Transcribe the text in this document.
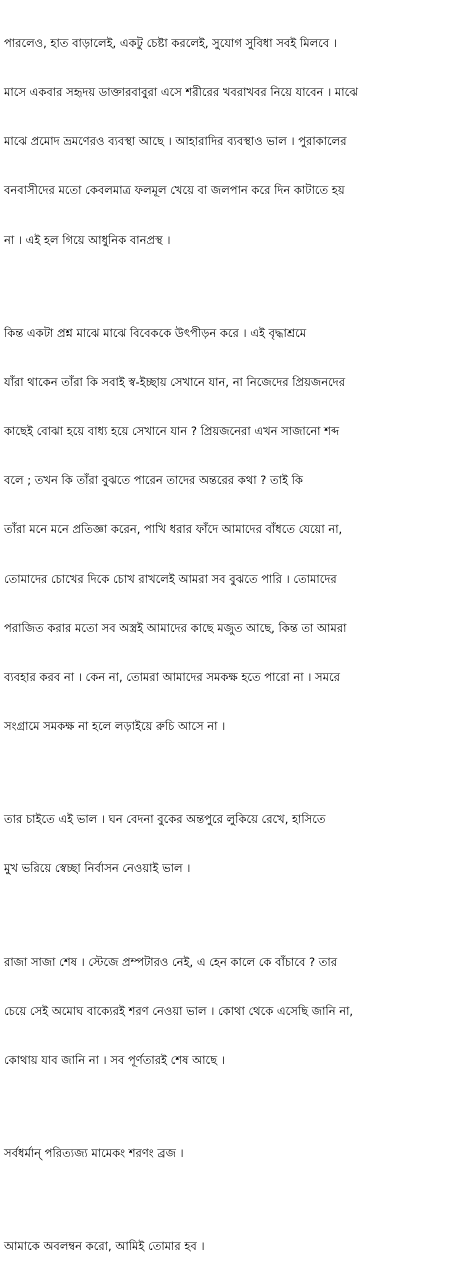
পারলেও, হাত বাড়ালেই, একটু চেষ্টা করলেই, সুযোগ সুবিধা সবই মিলবে ।

মাসে একবার সহৃদয় ডাক্তারবাবুরা এসে শরীরের খবরাখবর নিয়ে যাবেন । মাঝে

মাঝে প্রমোদ ভ্রমণেরও ব্যবস্থা আছে । আহারাদির ব্যবস্থাও ভাল । পুরাকালের

বনবাসীদের মতো কেবলমাত্র ফলমূল খেয়ে বা জলপান করে দিন কাটাতে হয়

না । এই হল গিয়ে আধুনিক বানপ্রস্থ ।

কিন্ত একটা প্রশ্ন মাঝে মাঝে বিবেককে উৎপীড়ন করে । এই বৃদ্ধাশ্রমে

যাঁরা থাকেন তাঁরা কি সবাই স্ব-ইচ্ছায় সেখানে যান, না নিজেদের প্রিয়জনদের

কাছেই বোঝা হয়ে বাধ্য হয়ে সেখানে যান ? প্রিয়জনেরা এখন সাজানো শব্দ

বলে ; তখন কি তাঁরা বুঝতে পারেন তাদের অন্তরের কথা ? তাই কি

তাঁরা মনে মনে প্রতিজ্ঞা করেন, পাখি ধরার ফাঁদে আমাদের বাঁধতে যেয়ো না,

তোমাদের চোখের দিকে চোখ রাখলেই আমরা সব বুঝতে পারি । তোমাদের

পরাজিত করার মতো সব অস্ত্রই আমাদের কাছে মজুত আছে, কিন্ত তা আমরা

ব্যবহার করব না । কেন না, তোমরা আমাদের সমকক্ষ হতে পারো না । সমরে

সংগ্রামে সমকক্ষ না হলে লড়াইয়ে রুচি আসে না ।

তার চাইতে এই ভাল । ঘন বেদনা বুকের অন্তপুরে লুকিয়ে রেখে, হাসিতে

মুখ ভরিয়ে স্বেচ্ছা নির্বাসন নেওয়াই ভাল ।

রাজা সাজা শেষ । স্টেজে প্রম্পটারও নেই, এ হেন কালে কে বাঁচাবে ? তার

চেয়ে সেই অমোঘ বাক্যেরই শরণ নেওয়া ভাল । কোথা থেকে এসেছি জানি না,

কোথায় যাব জানি না । সব পূর্ণতারই শেষ আছে ।

সর্বধর্মান্ পরিত্যজ্য মামেকং শরণং ব্রজ ।

আমাকে অবলম্বন করো, আমিই তোমার হব ।
